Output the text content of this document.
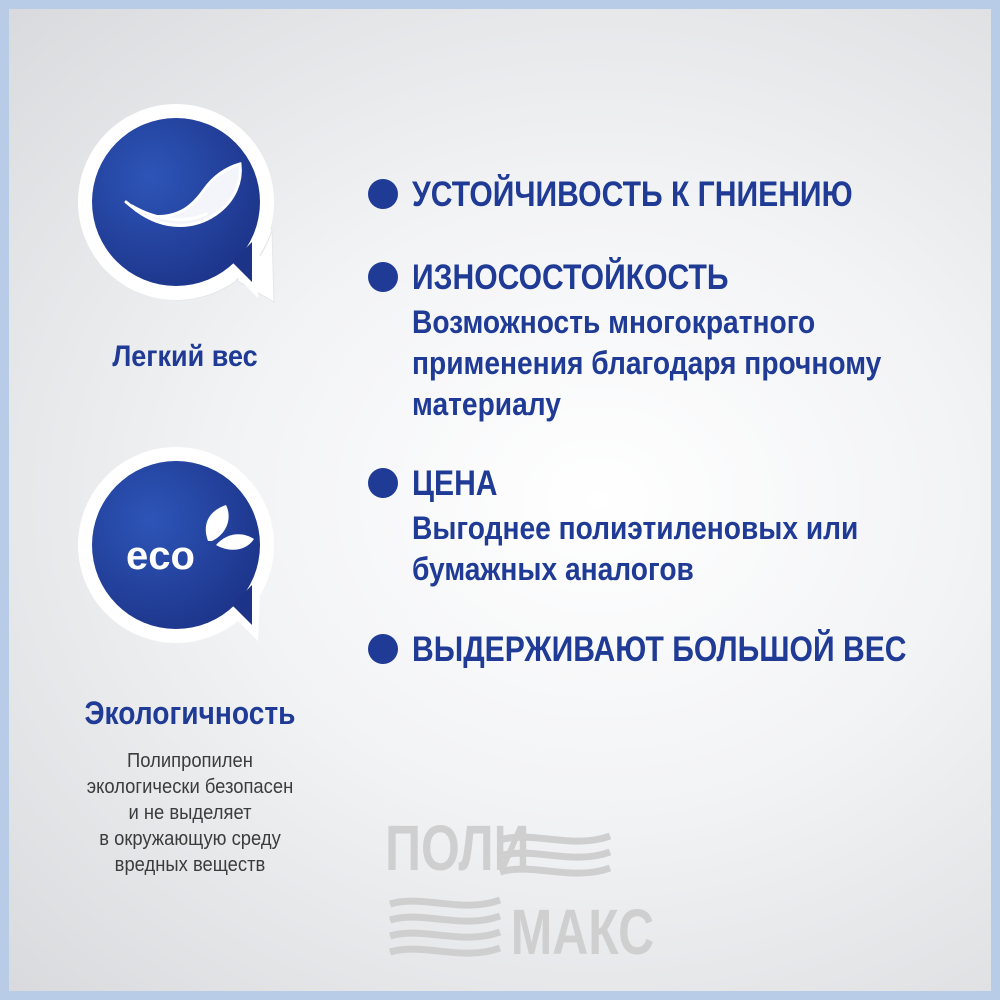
Легкий вес
eco
Экологичность
Полипропилен
экологически безопасен
и не выделяет
в окружающую среду
вредных веществ
УСТОЙЧИВОСТЬ К ГНИЕНИЮ
ИЗНОСОСТОЙКОСТЬ
Возможность многократного
применения благодаря прочному
материалу
ЦЕНА
Выгоднее полиэтиленовых или
бумажных аналогов
ВЫДЕРЖИВАЮТ БОЛЬШОЙ ВЕС
ПОЛИ
МАКС
